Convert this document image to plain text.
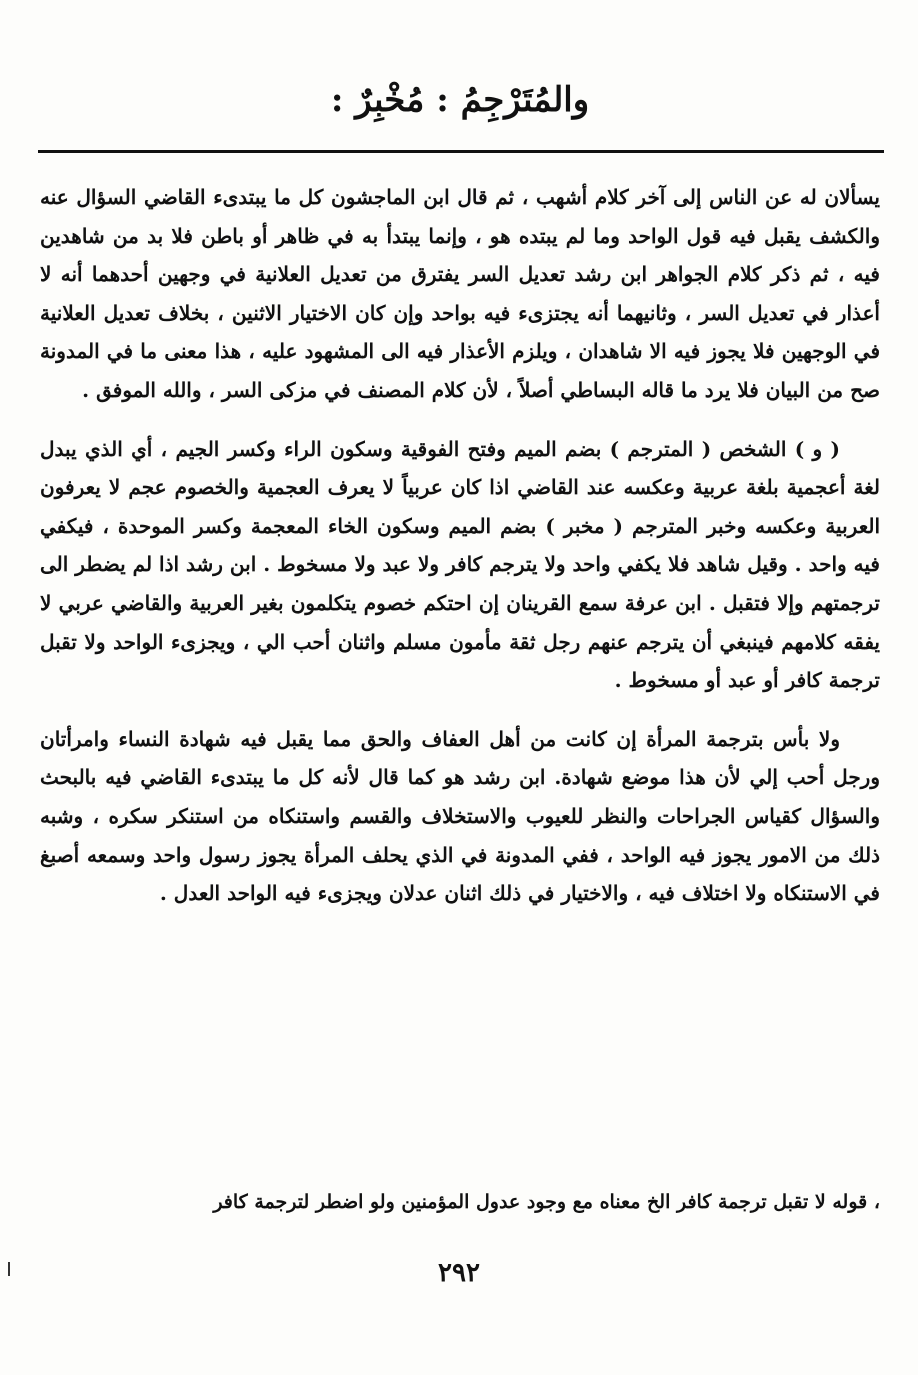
والمُتَرْجِمُ : مُخْبِرٌ :

يسألان له عن الناس إلى آخر كلام أشهب ، ثم قال ابن الماجشون كل ما يبتدىء القاضي السؤال عنه والكشف يقبل فيه قول الواحد وما لم يبتده هو ، وإنما يبتدأ به في ظاهر أو باطن فلا بد من شاهدين فيه ، ثم ذكر كلام الجواهر ابن رشد تعديل السر يفترق من تعديل العلانية في وجهين أحدهما أنه لا أعذار في تعديل السر ، وثانيهما أنه يجتزىء فيه بواحد وإن كان الاختيار الاثنين ، بخلاف تعديل العلانية في الوجهين فلا يجوز فيه الا شاهدان ، ويلزم الأعذار فيه الى المشهود عليه ، هذا معنى ما في المدونة صح من البيان فلا يرد ما قاله البساطي أصلاً ، لأن كلام المصنف في مزكى السر ، والله الموفق .

( و ) الشخص ( المترجم ) بضم الميم وفتح الفوقية وسكون الراء وكسر الجيم ، أي الذي يبدل لغة أعجمية بلغة عربية وعكسه عند القاضي اذا كان عربياً لا يعرف العجمية والخصوم عجم لا يعرفون العربية وعكسه وخبر المترجم ( مخبر ) بضم الميم وسكون الخاء المعجمة وكسر الموحدة ، فيكفي فيه واحد . وقيل شاهد فلا يكفي واحد ولا يترجم كافر ولا عبد ولا مسخوط . ابن رشد اذا لم يضطر الى ترجمتهم وإلا فتقبل . ابن عرفة سمع القرينان إن احتكم خصوم يتكلمون بغير العربية والقاضي عربي لا يفقه كلامهم فينبغي أن يترجم عنهم رجل ثقة مأمون مسلم واثنان أحب الي ، ويجزىء الواحد ولا تقبل ترجمة كافر أو عبد أو مسخوط .

ولا بأس بترجمة المرأة إن كانت من أهل العفاف والحق مما يقبل فيه شهادة النساء وامرأتان ورجل أحب إلي لأن هذا موضع شهادة. ابن رشد هو كما قال لأنه كل ما يبتدىء القاضي فيه بالبحث والسؤال كقياس الجراحات والنظر للعيوب والاستخلاف والقسم واستنكاه من استنكر سكره ، وشبه ذلك من الامور يجوز فيه الواحد ، ففي المدونة في الذي يحلف المرأة يجوز رسول واحد وسمعه أصبغ في الاستنكاه ولا اختلاف فيه ، والاختيار في ذلك اثنان عدلان ويجزىء فيه الواحد العدل .

، قوله لا تقبل ترجمة كافر الخ معناه مع وجود عدول المؤمنين ولو اضطر لترجمة كافر
٢٩٢
